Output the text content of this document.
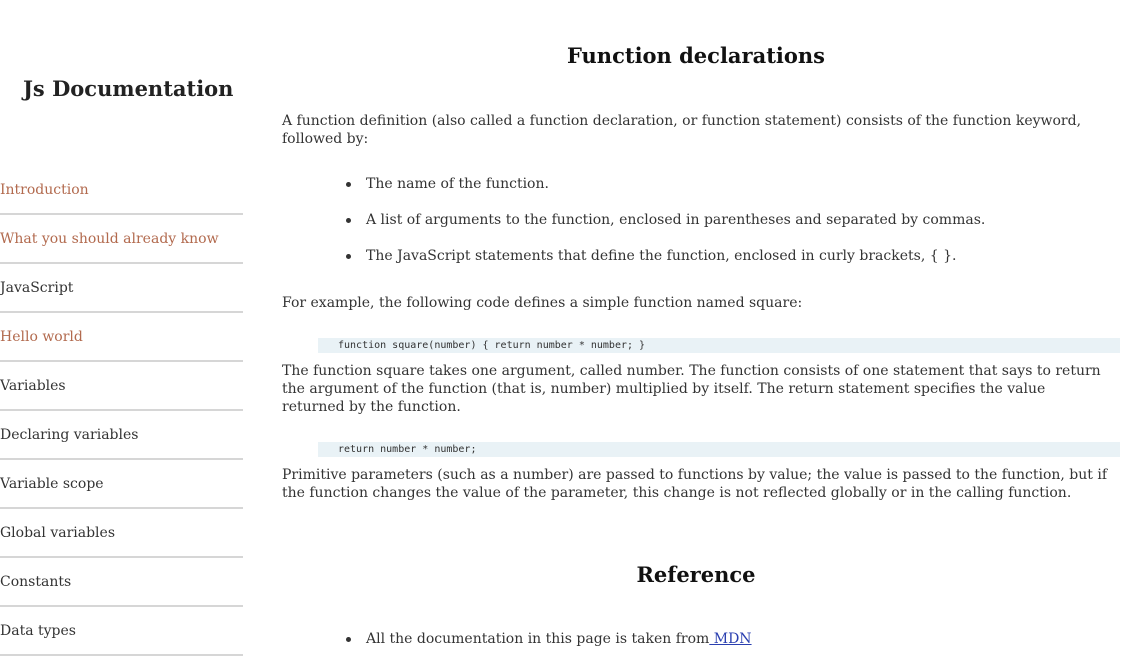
Js Documentation
Introduction
What you should already know
JavaScript
Hello world
Variables
Declaring variables
Variable scope
Global variables
Constants
Data types
Function declarations

A function definition (also called a function declaration, or function statement) consists of the function keyword, followed by:

The name of the function.
A list of arguments to the function, enclosed in parentheses and separated by commas.
The JavaScript statements that define the function, enclosed in curly brackets, { }.

For example, the following code defines a simple function named square:

function square(number) { return number * number; }

The function square takes one argument, called number. The function consists of one statement that says to return the argument of the function (that is, number) multiplied by itself. The return statement specifies the value returned by the function.

return number * number;

Primitive parameters (such as a number) are passed to functions by value; the value is passed to the function, but if the function changes the value of the parameter, this change is not reflected globally or in the calling function.

Reference
All the documentation in this page is taken from MDN
